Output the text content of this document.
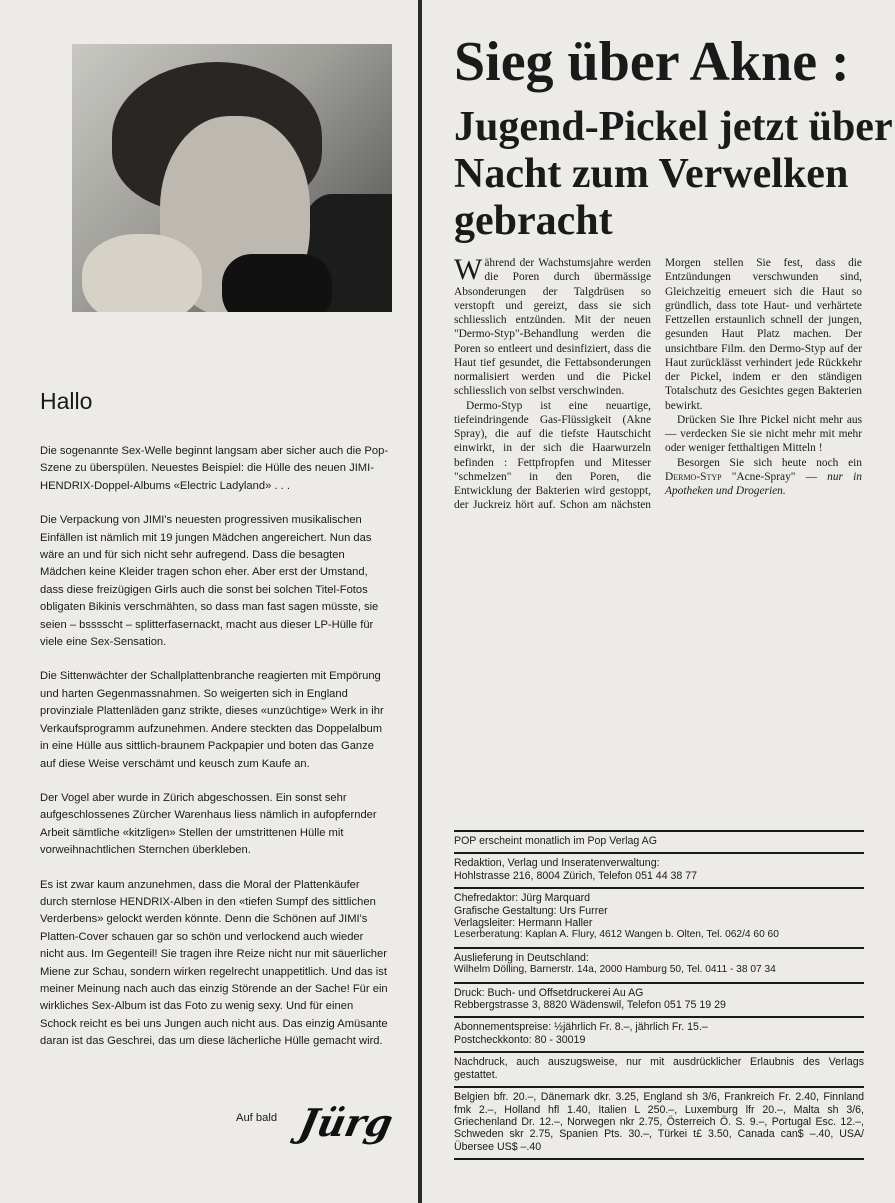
Hallo

Die sogenannte Sex-Welle beginnt langsam aber sicher auch die Pop-Szene zu überspülen. Neuestes Beispiel: die Hülle des neuen JIMI-HENDRIX-Doppel-Albums «Electric Ladyland» . . .

Die Verpackung von JIMI's neuesten progressiven musikalischen Einfällen ist nämlich mit 19 jungen Mädchen angereichert. Nun das wäre an und für sich nicht sehr aufregend. Dass die besagten Mädchen keine Kleider tragen schon eher. Aber erst der Umstand, dass diese freizügigen Girls auch die sonst bei solchen Titel-Fotos obligaten Bikinis verschmähten, so dass man fast sagen müsste, sie seien – bsssscht – splitterfasernackt, macht aus dieser LP-Hülle für viele eine Sex-Sensation.

Die Sittenwächter der Schallplattenbranche reagierten mit Empörung und harten Gegenmassnahmen. So weigerten sich in England provinziale Plattenläden ganz strikte, dieses «unzüchtige» Werk in ihr Verkaufsprogramm aufzunehmen. Andere steckten das Doppelalbum in eine Hülle aus sittlich-braunem Packpapier und boten das Ganze auf diese Weise verschämt und keusch zum Kaufe an.

Der Vogel aber wurde in Zürich abgeschossen. Ein sonst sehr aufgeschlossenes Zürcher Warenhaus liess nämlich in aufopfernder Arbeit sämtliche «kitzligen» Stellen der umstrittenen Hülle mit vorweihnachtlichen Sternchen überkleben.

Es ist zwar kaum anzunehmen, dass die Moral der Plattenkäufer durch sternlose HENDRIX-Alben in den «tiefen Sumpf des sittlichen Verderbens» gelockt werden könnte. Denn die Schönen auf JIMI's Platten-Cover schauen gar so schön und verlockend auch wieder nicht aus. Im Gegenteil! Sie tragen ihre Reize nicht nur mit säuerlicher Miene zur Schau, sondern wirken regelrecht unappetitlich. Und das ist meiner Meinung nach auch das einzig Störende an der Sache! Für ein wirkliches Sex-Album ist das Foto zu wenig sexy. Und für einen Schock reicht es bei uns Jungen auch nicht aus. Das einzig Amüsante daran ist das Geschrei, das um diese lächerliche Hülle gemacht wird.

Auf bald Jürg
Sieg über Akne :
Jugend-Pickel jetzt über Nacht zum Verwelken gebracht

Während der Wachstumsjahre werden die Poren durch übermässige Absonderungen der Talgdrüsen so verstopft und gereizt, dass sie sich schliesslich entzünden. Mit der neuen "Dermo-Styp"-Behandlung werden die Poren so entleert und desinfiziert, dass die Haut tief gesundet, die Fettabsonderungen normalisiert werden und die Pickel schliesslich von selbst verschwinden.

Dermo-Styp ist eine neuartige, tiefeindringende Gas-Flüssigkeit (Akne Spray), die auf die tiefste Hautschicht einwirkt, in der sich die Haarwurzeln befinden : Fettpfropfen und Mitesser "schmelzen" in den Poren, die Entwicklung der Bakterien wird gestoppt, der Juckreiz hört auf. Schon am nächsten Morgen stellen Sie fest, dass die Entzündungen verschwunden sind, Gleichzeitig erneuert sich die Haut so gründlich, dass tote Haut- und verhärtete Fettzellen erstaunlich schnell der jungen, gesunden Haut Platz machen. Der unsichtbare Film. den Dermo-Styp auf der Haut zurücklässt verhindert jede Rückkehr der Pickel, indem er den ständigen Totalschutz des Gesichtes gegen Bakterien bewirkt.

Drücken Sie Ihre Pickel nicht mehr aus — verdecken Sie sie nicht mehr mit mehr oder weniger fetthaltigen Mitteln !

Besorgen Sie sich heute noch ein Dermo-Styp "Acne-Spray" — nur in Apotheken und Drogerien.

POP erscheint monatlich im Pop Verlag AG
Redaktion, Verlag und Inseratenverwaltung:
Hohlstrasse 216, 8004 Zürich, Telefon 051 44 38 77
Chefredaktor: Jürg Marquard
Grafische Gestaltung: Urs Furrer
Verlagsleiter: Hermann Haller
Leserberatung: Kaplan A. Flury, 4612 Wangen b. Olten, Tel. 062/4 60 60
Auslieferung in Deutschland:
Wilhelm Dölling, Barnerstr. 14a, 2000 Hamburg 50, Tel. 0411 - 38 07 34
Druck: Buch- und Offsetdruckerei Au AG
Rebbergstrasse 3, 8820 Wädenswil, Telefon 051 75 19 29
Abonnementspreise: ½jährlich Fr. 8.–, jährlich Fr. 15.–
Postcheckkonto: 80 - 30019
Nachdruck, auch auszugsweise, nur mit ausdrücklicher Erlaubnis des Verlags gestattet.
Belgien bfr. 20.–, Dänemark dkr. 3.25, England sh 3/6, Frankreich Fr. 2.40, Finnland fmk 2.–, Holland hfl 1.40, Italien L 250.–, Luxemburg lfr 20.–, Malta sh 3/6, Griechenland Dr. 12.–, Norwegen nkr 2.75, Österreich Ö. S. 9.–, Portugal Esc. 12.–, Schweden skr 2.75, Spanien Pts. 30.–, Türkei t£ 3.50, Canada can$ –.40, USA/Übersee US$ –.40
